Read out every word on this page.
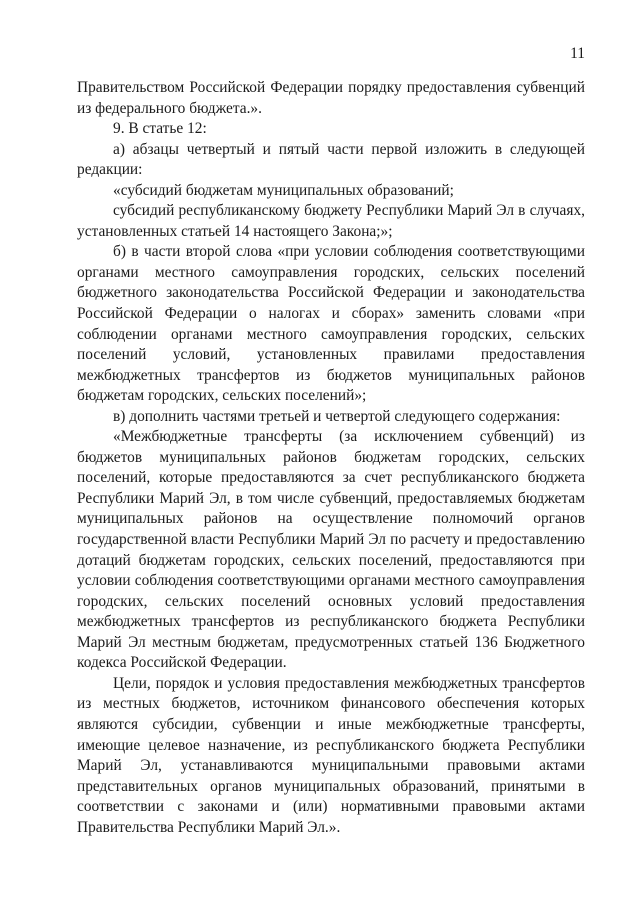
11

Правительством Российской Федерации порядку предоставления субвенций из федерального бюджета.».

9. В статье 12:

а) абзацы четвертый и пятый части первой изложить в следующей редакции:

«субсидий бюджетам муниципальных образований;

субсидий республиканскому бюджету Республики Марий Эл в случаях, установленных статьей 14 настоящего Закона;»;

б) в части второй слова «при условии соблюдения соответствующими органами местного самоуправления городских, сельских поселений бюджетного законодательства Российской Федерации и законодательства Российской Федерации о налогах и сборах» заменить словами «при соблюдении органами местного самоуправления городских, сельских поселений условий, установленных правилами предоставления межбюджетных трансфертов из бюджетов муниципальных районов бюджетам городских, сельских поселений»;

в) дополнить частями третьей и четвертой следующего содержания:

«Межбюджетные трансферты (за исключением субвенций) из бюджетов муниципальных районов бюджетам городских, сельских поселений, которые предоставляются за счет республиканского бюджета Республики Марий Эл, в том числе субвенций, предоставляемых бюджетам муниципальных районов на осуществление полномочий органов государственной власти Республики Марий Эл по расчету и предоставлению дотаций бюджетам городских, сельских поселений, предоставляются при условии соблюдения соответствующими органами местного самоуправления городских, сельских поселений основных условий предоставления межбюджетных трансфертов из республиканского бюджета Республики Марий Эл местным бюджетам, предусмотренных статьей 136 Бюджетного кодекса Российской Федерации.

Цели, порядок и условия предоставления межбюджетных трансфертов из местных бюджетов, источником финансового обеспечения которых являются субсидии, субвенции и иные межбюджетные трансферты, имеющие целевое назначение, из республиканского бюджета Республики Марий Эл, устанавливаются муниципальными правовыми актами представительных органов муниципальных образований, принятыми в соответствии с законами и (или) нормативными правовыми актами Правительства Республики Марий Эл.».
